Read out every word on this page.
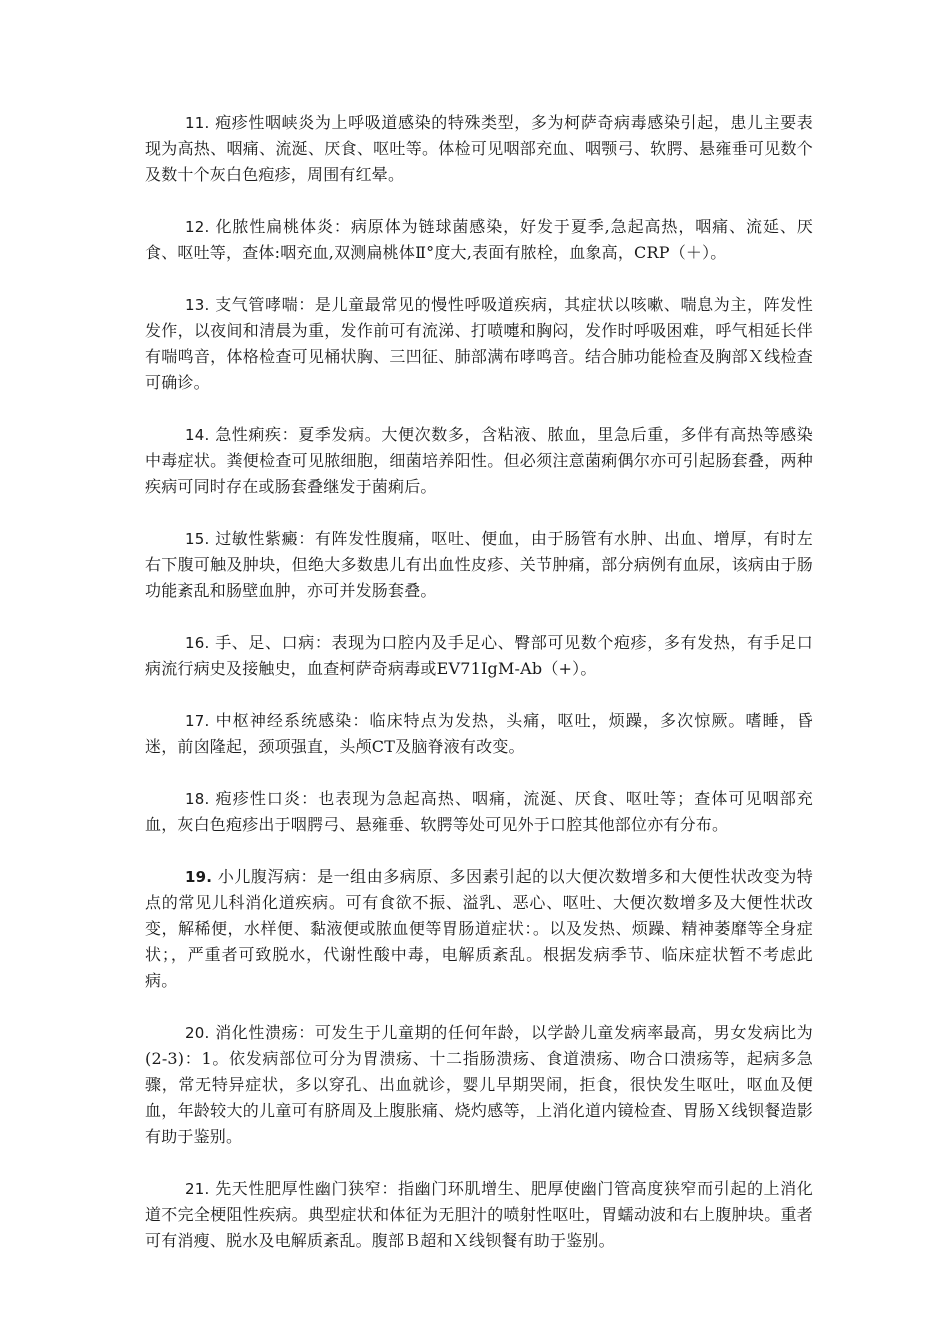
11. 疱疹性咽峡炎为上呼吸道感染的特殊类型，多为柯萨奇病毒感染引起，患儿主要表　现为高热、咽痛、流涎、厌食、呕吐等。体检可见咽部充血、咽颚弓、软腭、悬雍垂可见数个及数十个灰白色疱疹，周围有红晕。

12. 化脓性扁桃体炎：病原体为链球菌感染，好发于夏季,急起高热，咽痛、流延、厌食、呕吐等，查体:咽充血,双测扁桃体Ⅱ°度大,表面有脓栓，血象高，CRP（＋）。

13. 支气管哮喘：是儿童最常见的慢性呼吸道疾病，其症状以咳嗽、喘息为主，阵发性发作，以夜间和清晨为重，发作前可有流涕、打喷嚏和胸闷，发作时呼吸困难，呼气相延长伴有喘鸣音，体格检查可见桶状胸、三凹征、肺部满布哮鸣音。结合肺功能检查及胸部Ｘ线检查可确诊。

14. 急性痢疾：夏季发病。大便次数多，含粘液、脓血，里急后重，多伴有高热等感染中毒症状。粪便检查可见脓细胞，细菌培养阳性。但必须注意菌痢偶尔亦可引起肠套叠，两种疾病可同时存在或肠套叠继发于菌痢后。

15. 过敏性紫癜：有阵发性腹痛，呕吐、便血，由于肠管有水肿、出血、增厚，有时左右下腹可触及肿块，但绝大多数患儿有出血性皮疹、关节肿痛，部分病例有血尿，该病由于肠功能紊乱和肠壁血肿，亦可并发肠套叠。

16. 手、足、口病：表现为口腔内及手足心、臀部可见数个疱疹，多有发热，有手足口病流行病史及接触史，血查柯萨奇病毒或EV71IgM-Ab（+）。

17. 中枢神经系统感染：临床特点为发热，头痛，呕吐，烦躁，多次惊厥。嗜睡，昏迷，前囟隆起，颈项强直，头颅CT及脑脊液有改变。

18. 疱疹性口炎：也表现为急起高热、咽痛，流涎、厌食、呕吐等；查体可见咽部充血，灰白色疱疹出于咽腭弓、悬雍垂、软腭等处可见外于口腔其他部位亦有分布。

19. 小儿腹泻病：是一组由多病原、多因素引起的以大便次数增多和大便性状改变为特点的常见儿科消化道疾病。可有食欲不振、溢乳、恶心、呕吐、大便次数增多及大便性状改变，解稀便，水样便、黏液便或脓血便等胃肠道症状：。以及发热、烦躁、精神萎靡等全身症状；，严重者可致脱水，代谢性酸中毒，电解质紊乱。根据发病季节、临床症状暂不考虑此病。

20. 消化性溃疡：可发生于儿童期的任何年龄，以学龄儿童发病率最高，男女发病比为(2-3)：1。依发病部位可分为胃溃疡、十二指肠溃疡、食道溃疡、吻合口溃疡等，起病多急骤，常无特异症状，多以穿孔、出血就诊，婴儿早期哭闹，拒食，很快发生呕吐，呕血及便血，年龄较大的儿童可有脐周及上腹胀痛、烧灼感等，上消化道内镜检查、胃肠Ｘ线钡餐造影有助于鉴别。

21. 先天性肥厚性幽门狭窄：指幽门环肌增生、肥厚使幽门管高度狭窄而引起的上消化道不完全梗阻性疾病。典型症状和体征为无胆汁的喷射性呕吐，胃蠕动波和右上腹肿块。重者可有消瘦、脱水及电解质紊乱。腹部Ｂ超和Ｘ线钡餐有助于鉴别。
